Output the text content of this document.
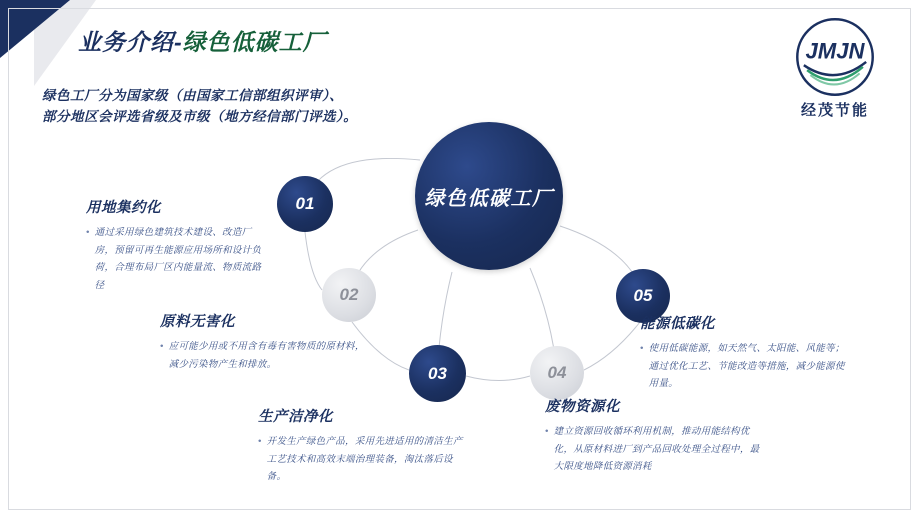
业务介绍-绿色低碳工厂
绿色工厂分为国家级（由国家工信部组织评审）、
部分地区会评选省级及市级（地方经信部门评选）。
JMJN
经茂节能
绿色低碳工厂
01
02
03	04
05
用地集约化
• 通过采用绿色建筑技术建设、改造厂房，预留可再生能源应用场所和设计负荷，合理布局厂区内能量流、物质流路径
原料无害化
• 应可能少用或不用含有毒有害物质的原材料，减少污染物产生和排放。
生产洁净化
• 开发生产绿色产品，采用先进适用的清洁生产工艺技术和高效末端治理装备，淘汰落后设备。
废物资源化
• 建立资源回收循环利用机制，推动用能结构优化，从原材料进厂到产品回收处理全过程中，最大限度地降低资源消耗
能源低碳化
• 使用低碳能源，如天然气、太阳能、风能等；通过优化工艺、节能改造等措施，减少能源使用量。
